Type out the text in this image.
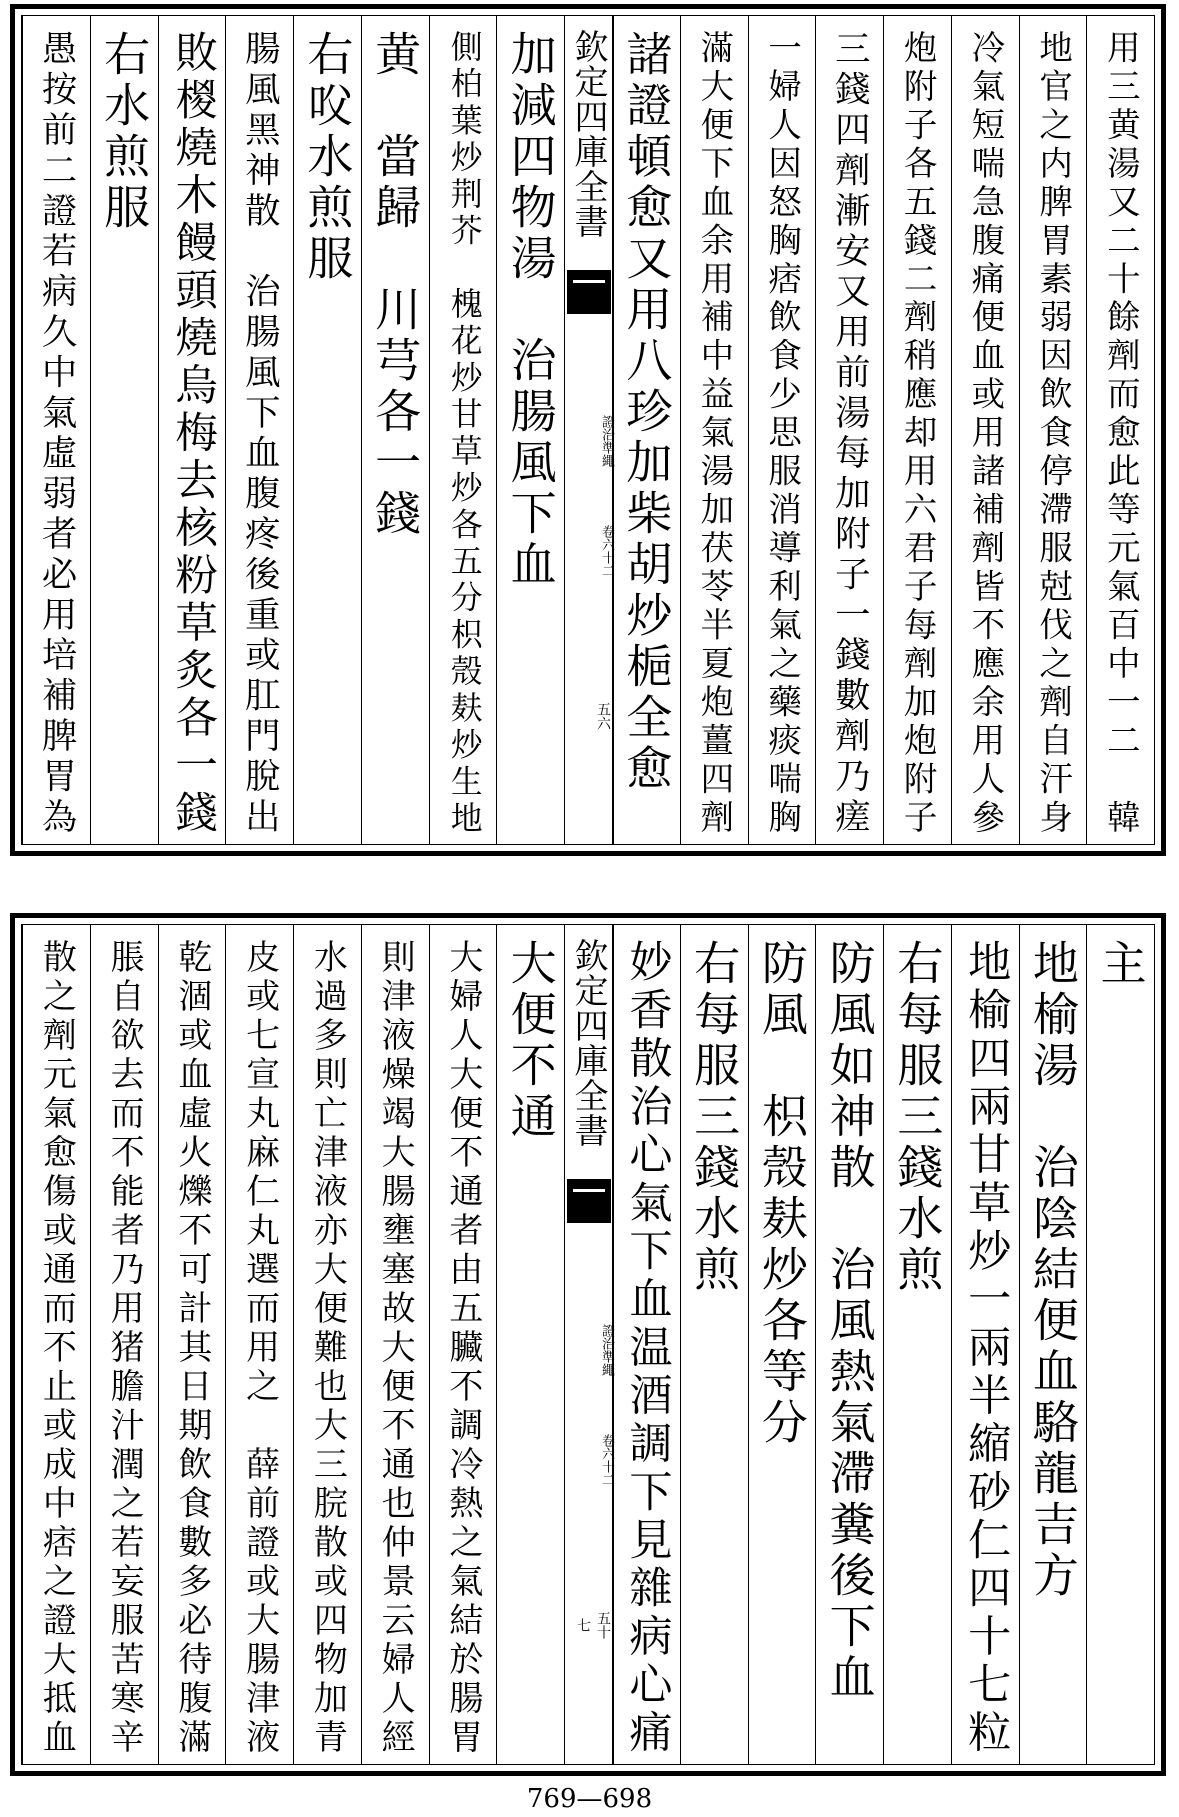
用三黄湯又二十餘劑而愈此等元氣百中一二　韓
地官之内脾胃素弱因飲食停滯服尅伐之劑自汗身
冷氣短喘急腹痛便血或用諸補劑皆不應余用人參
炮附子各五錢二劑稍應却用六君子每劑加炮附子
三錢四劑漸安又用前湯每加附子一錢數劑乃瘥
一婦人因怒胸痞飲食少思服消導利氣之藥痰喘胸
滿大便下血余用補中益氣湯加茯苓半夏炮薑四劑
諸證頓愈又用八珍加柴胡炒梔全愈
欽定四庫全書
證治準繩
卷六十二
五六
加減四物湯　治腸風下血
側柏葉炒荆芥　槐花炒甘草炒各五分枳殼麸炒生地
黄　當歸　川芎各一錢
右㕮水煎服
腸風黑神散　治腸風下血腹疼後重或肛門脫出
敗椶燒木饅頭燒烏梅去核粉草炙各一錢
右水煎服
愚按前二證若病久中氣虛弱者必用培補脾胃為
主
地榆湯　治陰結便血駱龍吉方
地榆四兩甘草炒一兩半縮砂仁四十七粒
右每服三錢水煎
防風如神散　治風熱氣滯糞後下血
防風　枳殼麸炒各等分
右每服三錢水煎
妙香散治心氣下血温酒調下見雜病心痛
欽定四庫全書
證治準繩
卷六十二
五十七
大便不通
大婦人大便不通者由五臟不調冷熱之氣結於腸胃
則津液燥竭大腸壅塞故大便不通也仲景云婦人經
水過多則亡津液亦大便難也大三脘散或四物加青
皮或七宣丸麻仁丸選而用之　薛前證或大腸津液
乾涸或血虛火爍不可計其日期飲食數多必待腹滿
脹自欲去而不能者乃用猪膽汁潤之若妄服苦寒辛
散之劑元氣愈傷或通而不止或成中痞之證大抵血
769—698
